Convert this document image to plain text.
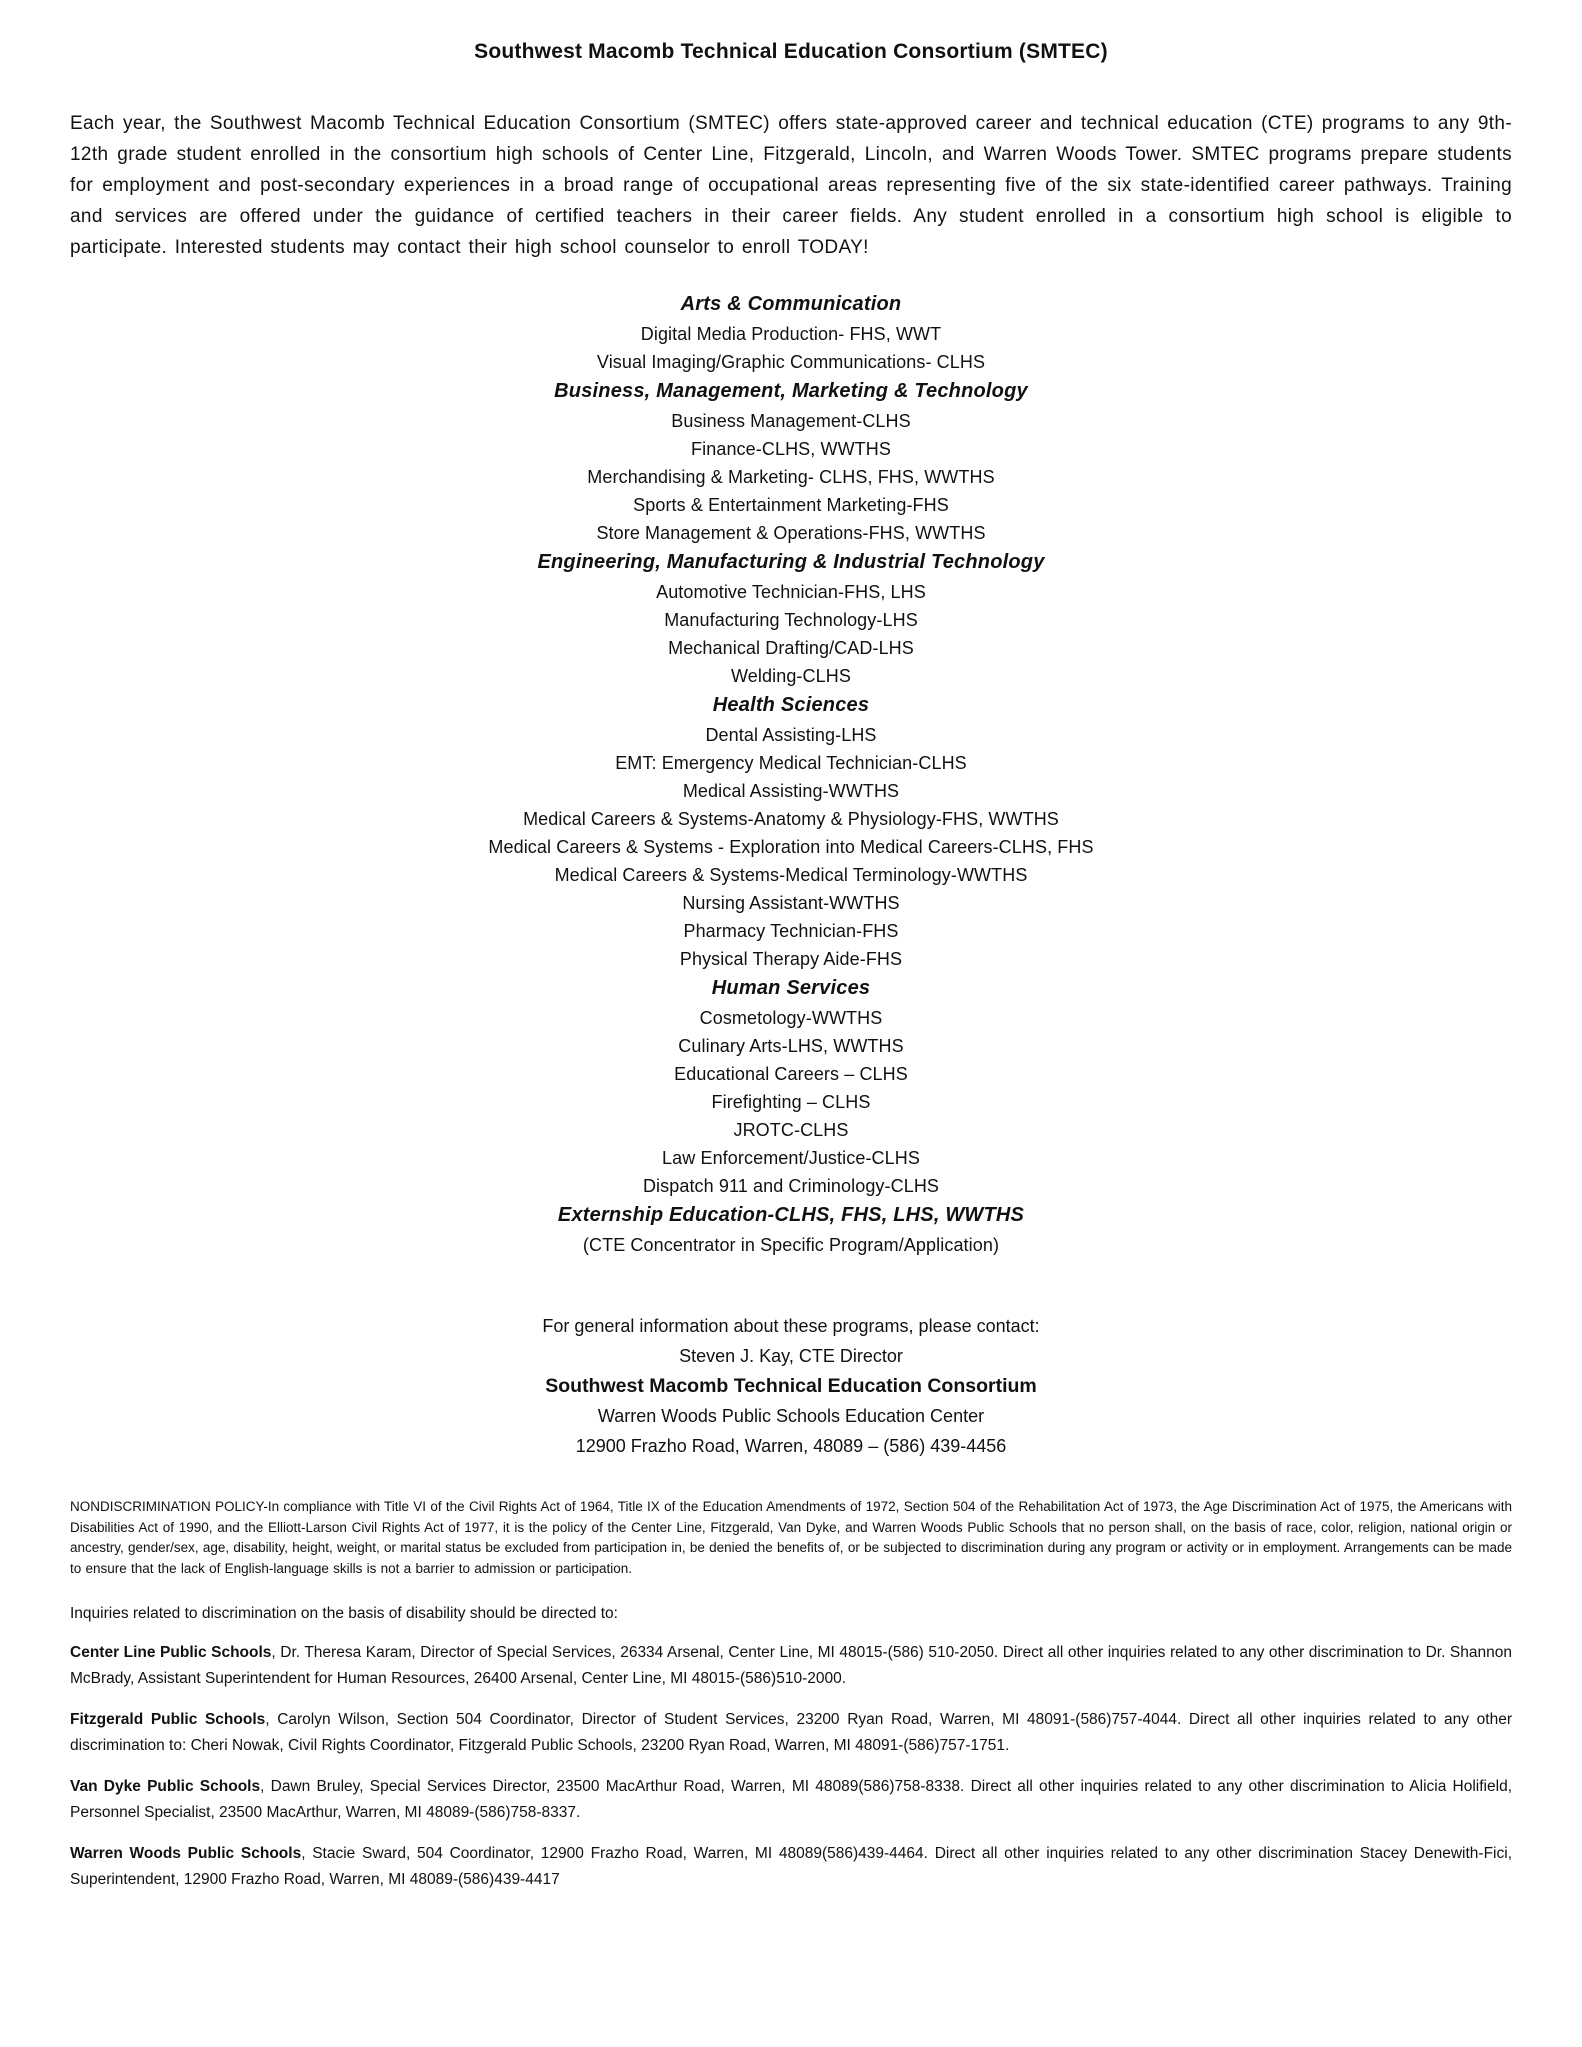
Southwest Macomb Technical Education Consortium (SMTEC)

Each year, the Southwest Macomb Technical Education Consortium (SMTEC) offers state-approved career and technical education (CTE) programs to any 9th-12th grade student enrolled in the consortium high schools of Center Line, Fitzgerald, Lincoln, and Warren Woods Tower. SMTEC programs prepare students for employment and post-secondary experiences in a broad range of occupational areas representing five of the six state-identified career pathways. Training and services are offered under the guidance of certified teachers in their career fields. Any student enrolled in a consortium high school is eligible to participate. Interested students may contact their high school counselor to enroll TODAY!

Arts & Communication
Digital Media Production- FHS, WWT
Visual Imaging/Graphic Communications- CLHS
Business, Management, Marketing & Technology
Business Management-CLHS
Finance-CLHS, WWTHS
Merchandising & Marketing- CLHS, FHS, WWTHS
Sports & Entertainment Marketing-FHS
Store Management & Operations-FHS, WWTHS
Engineering, Manufacturing & Industrial Technology
Automotive Technician-FHS, LHS
Manufacturing Technology-LHS
Mechanical Drafting/CAD-LHS
Welding-CLHS
Health Sciences
Dental Assisting-LHS
EMT: Emergency Medical Technician-CLHS
Medical Assisting-WWTHS
Medical Careers & Systems-Anatomy & Physiology-FHS, WWTHS
Medical Careers & Systems - Exploration into Medical Careers-CLHS, FHS
Medical Careers & Systems-Medical Terminology-WWTHS
Nursing Assistant-WWTHS
Pharmacy Technician-FHS
Physical Therapy Aide-FHS
Human Services
Cosmetology-WWTHS
Culinary Arts-LHS, WWTHS
Educational Careers – CLHS
Firefighting – CLHS
JROTC-CLHS
Law Enforcement/Justice-CLHS
Dispatch 911 and Criminology-CLHS
Externship Education-CLHS, FHS, LHS, WWTHS
(CTE Concentrator in Specific Program/Application)

For general information about these programs, please contact:

Steven J. Kay, CTE Director

Southwest Macomb Technical Education Consortium

Warren Woods Public Schools Education Center

12900 Frazho Road, Warren, 48089 – (586) 439-4456

NONDISCRIMINATION POLICY-In compliance with Title VI of the Civil Rights Act of 1964, Title IX of the Education Amendments of 1972, Section 504 of the Rehabilitation Act of 1973, the Age Discrimination Act of 1975, the Americans with Disabilities Act of 1990, and the Elliott-Larson Civil Rights Act of 1977, it is the policy of the Center Line, Fitzgerald, Van Dyke, and Warren Woods Public Schools that no person shall, on the basis of race, color, religion, national origin or ancestry, gender/sex, age, disability, height, weight, or marital status be excluded from participation in, be denied the benefits of, or be subjected to discrimination during any program or activity or in employment. Arrangements can be made to ensure that the lack of English-language skills is not a barrier to admission or participation.

Inquiries related to discrimination on the basis of disability should be directed to:

Center Line Public Schools, Dr. Theresa Karam, Director of Special Services, 26334 Arsenal, Center Line, MI 48015-(586) 510-2050. Direct all other inquiries related to any other discrimination to Dr. Shannon McBrady, Assistant Superintendent for Human Resources, 26400 Arsenal, Center Line, MI 48015-(586)510-2000.

Fitzgerald Public Schools, Carolyn Wilson, Section 504 Coordinator, Director of Student Services, 23200 Ryan Road, Warren, MI 48091-(586)757-4044. Direct all other inquiries related to any other discrimination to: Cheri Nowak, Civil Rights Coordinator, Fitzgerald Public Schools, 23200 Ryan Road, Warren, MI 48091-(586)757-1751.

Van Dyke Public Schools, Dawn Bruley, Special Services Director, 23500 MacArthur Road, Warren, MI 48089(586)758-8338. Direct all other inquiries related to any other discrimination to Alicia Holifield, Personnel Specialist, 23500 MacArthur, Warren, MI 48089-(586)758-8337.

Warren Woods Public Schools, Stacie Sward, 504 Coordinator, 12900 Frazho Road, Warren, MI 48089(586)439-4464. Direct all other inquiries related to any other discrimination Stacey Denewith-Fici, Superintendent, 12900 Frazho Road, Warren, MI 48089-(586)439-4417
